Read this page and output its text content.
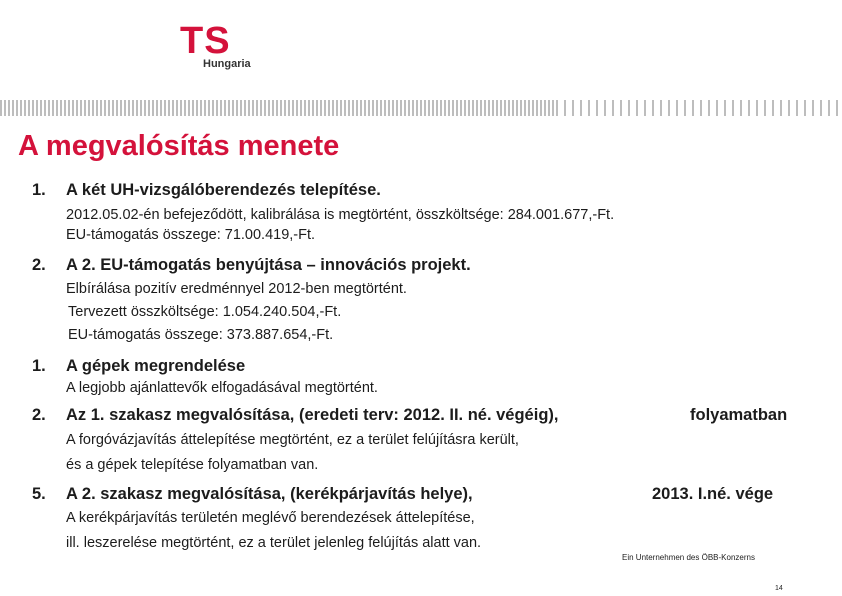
TS
Hungaria
A megvalósítás menete
1. A két UH-vizsgálóberendezés telepítése.
2012.05.02-én befejeződött, kalibrálása is megtörtént, összköltsége: 284.001.677,-Ft.
EU-támogatás összege: 71.00.419,-Ft.
2. A 2. EU-támogatás benyújtása – innovációs projekt.
Elbírálása pozitív eredménnyel 2012-ben megtörtént.
Tervezett összköltsége: 1.054.240.504,-Ft.
EU-támogatás összege: 373.887.654,-Ft.
1. A gépek megrendelése
A legjobb ajánlattevők elfogadásával megtörtént.
2. Az 1. szakasz megvalósítása, (eredeti terv: 2012. II. né. végéig),	folyamatban
A forgóvázjavítás áttelepítése megtörtént, ez a terület felújításra került,
és a gépek telepítése folyamatban van.
5. A 2. szakasz megvalósítása, (kerékpárjavítás helye),	2013. I.né. vége
A kerékpárjavítás területén meglévő berendezések áttelepítése,
ill. leszerelése megtörtént, ez a terület jelenleg felújítás alatt van.
Ein Unternehmen des ÖBB-Konzerns
14
